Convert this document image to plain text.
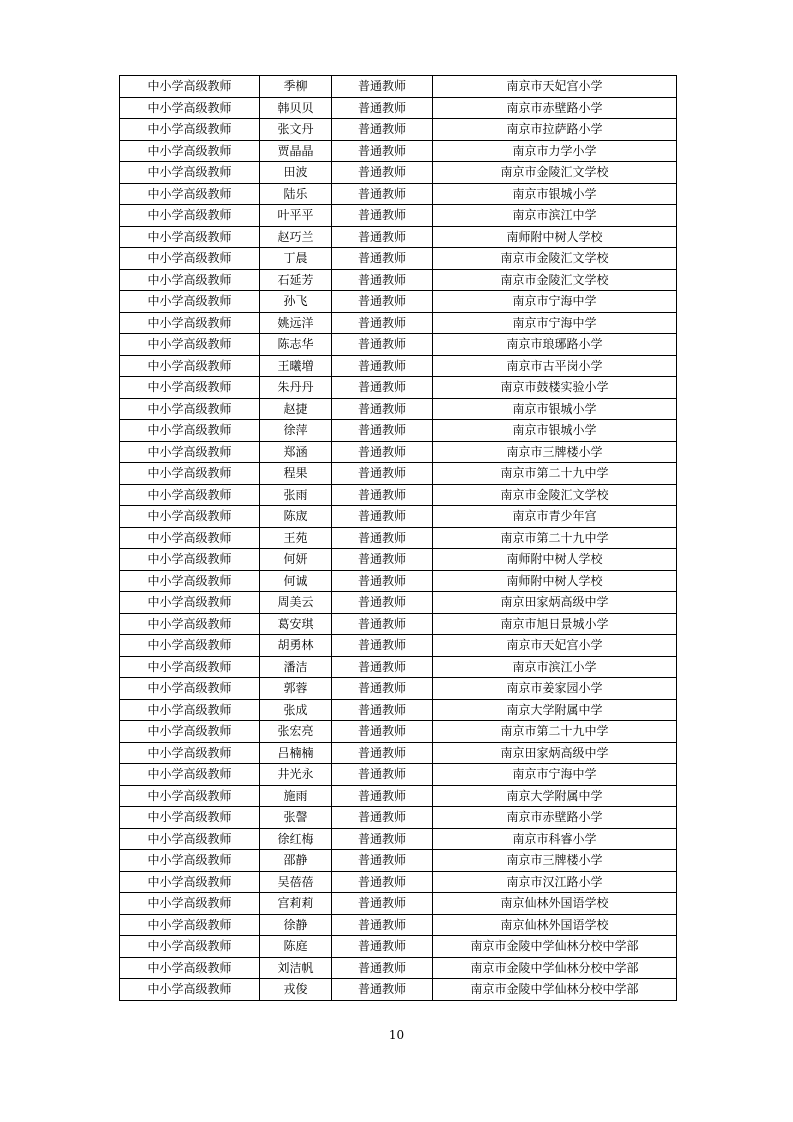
中小学高级教师	季柳	普通教师	南京市天妃宫小学
中小学高级教师	韩贝贝	普通教师	南京市赤壁路小学
中小学高级教师	张文丹	普通教师	南京市拉萨路小学
中小学高级教师	贾晶晶	普通教师	南京市力学小学
中小学高级教师	田波	普通教师	南京市金陵汇文学校
中小学高级教师	陆乐	普通教师	南京市银城小学
中小学高级教师	叶平平	普通教师	南京市滨江中学
中小学高级教师	赵巧兰	普通教师	南师附中树人学校
中小学高级教师	丁晨	普通教师	南京市金陵汇文学校
中小学高级教师	石延芳	普通教师	南京市金陵汇文学校
中小学高级教师	孙飞	普通教师	南京市宁海中学
中小学高级教师	姚远洋	普通教师	南京市宁海中学
中小学高级教师	陈志华	普通教师	南京市琅琊路小学
中小学高级教师	王曦増	普通教师	南京市古平岗小学
中小学高级教师	朱丹丹	普通教师	南京市鼓楼实验小学
中小学高级教师	赵捷	普通教师	南京市银城小学
中小学高级教师	徐萍	普通教师	南京市银城小学
中小学高级教师	郑涵	普通教师	南京市三牌楼小学
中小学高级教师	程果	普通教师	南京市第二十九中学
中小学高级教师	张雨	普通教师	南京市金陵汇文学校
中小学高级教师	陈宬	普通教师	南京市青少年宫
中小学高级教师	王苑	普通教师	南京市第二十九中学
中小学高级教师	何妍	普通教师	南师附中树人学校
中小学高级教师	何诚	普通教师	南师附中树人学校
中小学高级教师	周美云	普通教师	南京田家炳高级中学
中小学高级教师	葛安琪	普通教师	南京市旭日景城小学
中小学高级教师	胡勇林	普通教师	南京市天妃宫小学
中小学高级教师	潘洁	普通教师	南京市滨江小学
中小学高级教师	郭蓉	普通教师	南京市姜家园小学
中小学高级教师	张成	普通教师	南京大学附属中学
中小学高级教师	张宏亮	普通教师	南京市第二十九中学
中小学高级教师	吕楠楠	普通教师	南京田家炳高级中学
中小学高级教师	井光永	普通教师	南京市宁海中学
中小学高级教师	施雨	普通教师	南京大学附属中学
中小学高级教师	张謦	普通教师	南京市赤壁路小学
中小学高级教师	徐红梅	普通教师	南京市科睿小学
中小学高级教师	邵静	普通教师	南京市三牌楼小学
中小学高级教师	吴蓓蓓	普通教师	南京市汉江路小学
中小学高级教师	宫莉莉	普通教师	南京仙林外国语学校
中小学高级教师	徐静	普通教师	南京仙林外国语学校
中小学高级教师	陈庭	普通教师	南京市金陵中学仙林分校中学部
中小学高级教师	刘洁帆	普通教师	南京市金陵中学仙林分校中学部
中小学高级教师	戎俊	普通教师	南京市金陵中学仙林分校中学部
10
